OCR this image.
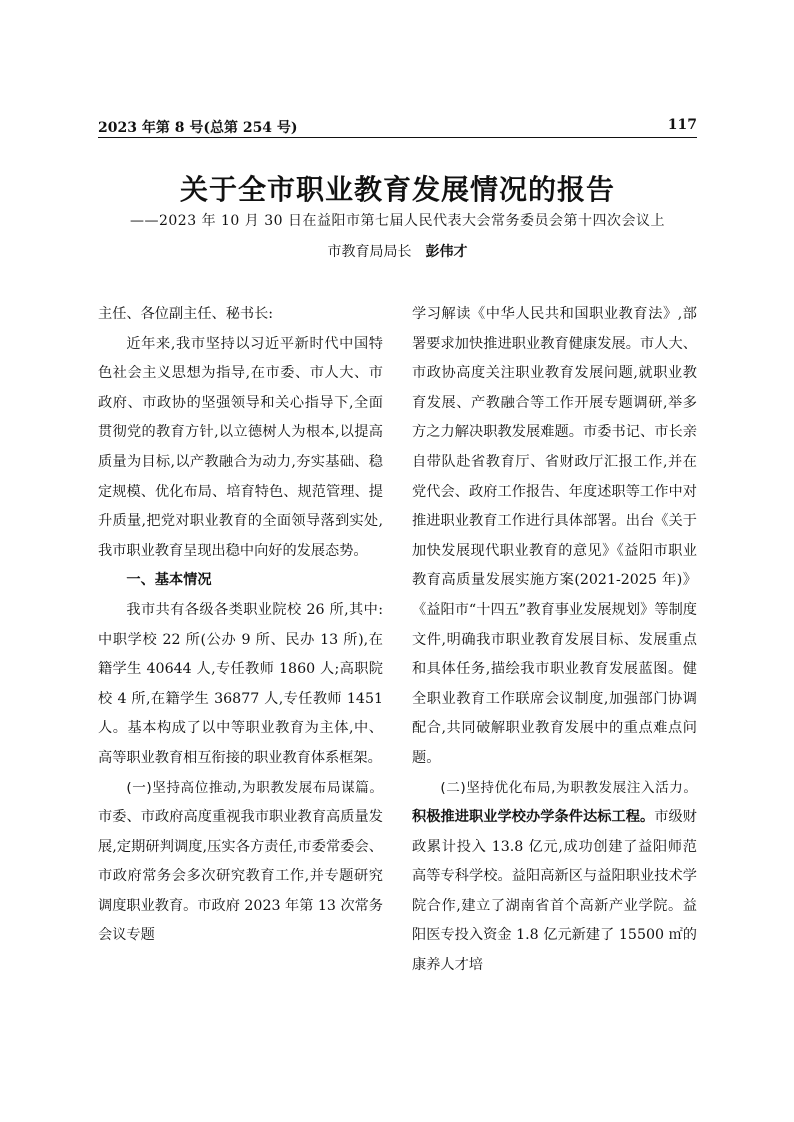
2023 年第 8 号(总第 254 号)	117
关于全市职业教育发展情况的报告
——2023 年 10 月 30 日在益阳市第七届人民代表大会常务委员会第十四次会议上
市教育局局长 彭伟才

主任、各位副主任、秘书长:

近年来,我市坚持以习近平新时代中国特色社会主义思想为指导,在市委、市人大、市政府、市政协的坚强领导和关心指导下,全面贯彻党的教育方针,以立德树人为根本,以提高质量为目标,以产教融合为动力,夯实基础、稳定规模、优化布局、培育特色、规范管理、提升质量,把党对职业教育的全面领导落到实处,我市职业教育呈现出稳中向好的发展态势。

一、基本情况

我市共有各级各类职业院校 26 所,其中:中职学校 22 所(公办 9 所、民办 13 所),在籍学生 40644 人,专任教师 1860 人;高职院校 4 所,在籍学生 36877 人,专任教师 1451 人。基本构成了以中等职业教育为主体,中、高等职业教育相互衔接的职业教育体系框架。

(一)坚持高位推动,为职教发展布局谋篇。市委、市政府高度重视我市职业教育高质量发展,定期研判调度,压实各方责任,市委常委会、市政府常务会多次研究教育工作,并专题研究调度职业教育。市政府 2023 年第 13 次常务会议专题

学习解读《中华人民共和国职业教育法》,部署要求加快推进职业教育健康发展。市人大、市政协高度关注职业教育发展问题,就职业教育发展、产教融合等工作开展专题调研,举多方之力解决职教发展难题。市委书记、市长亲自带队赴省教育厅、省财政厅汇报工作,并在党代会、政府工作报告、年度述职等工作中对推进职业教育工作进行具体部署。出台《关于加快发展现代职业教育的意见》《益阳市职业教育高质量发展实施方案(2021-2025 年)》《益阳市“十四五”教育事业发展规划》等制度文件,明确我市职业教育发展目标、发展重点和具体任务,描绘我市职业教育发展蓝图。健全职业教育工作联席会议制度,加强部门协调配合,共同破解职业教育发展中的重点难点问题。

(二)坚持优化布局,为职教发展注入活力。积极推进职业学校办学条件达标工程。市级财政累计投入 13.8 亿元,成功创建了益阳师范高等专科学校。益阳高新区与益阳职业技术学院合作,建立了湖南省首个高新产业学院。益阳医专投入资金 1.8 亿元新建了 15500 ㎡的康养人才培
